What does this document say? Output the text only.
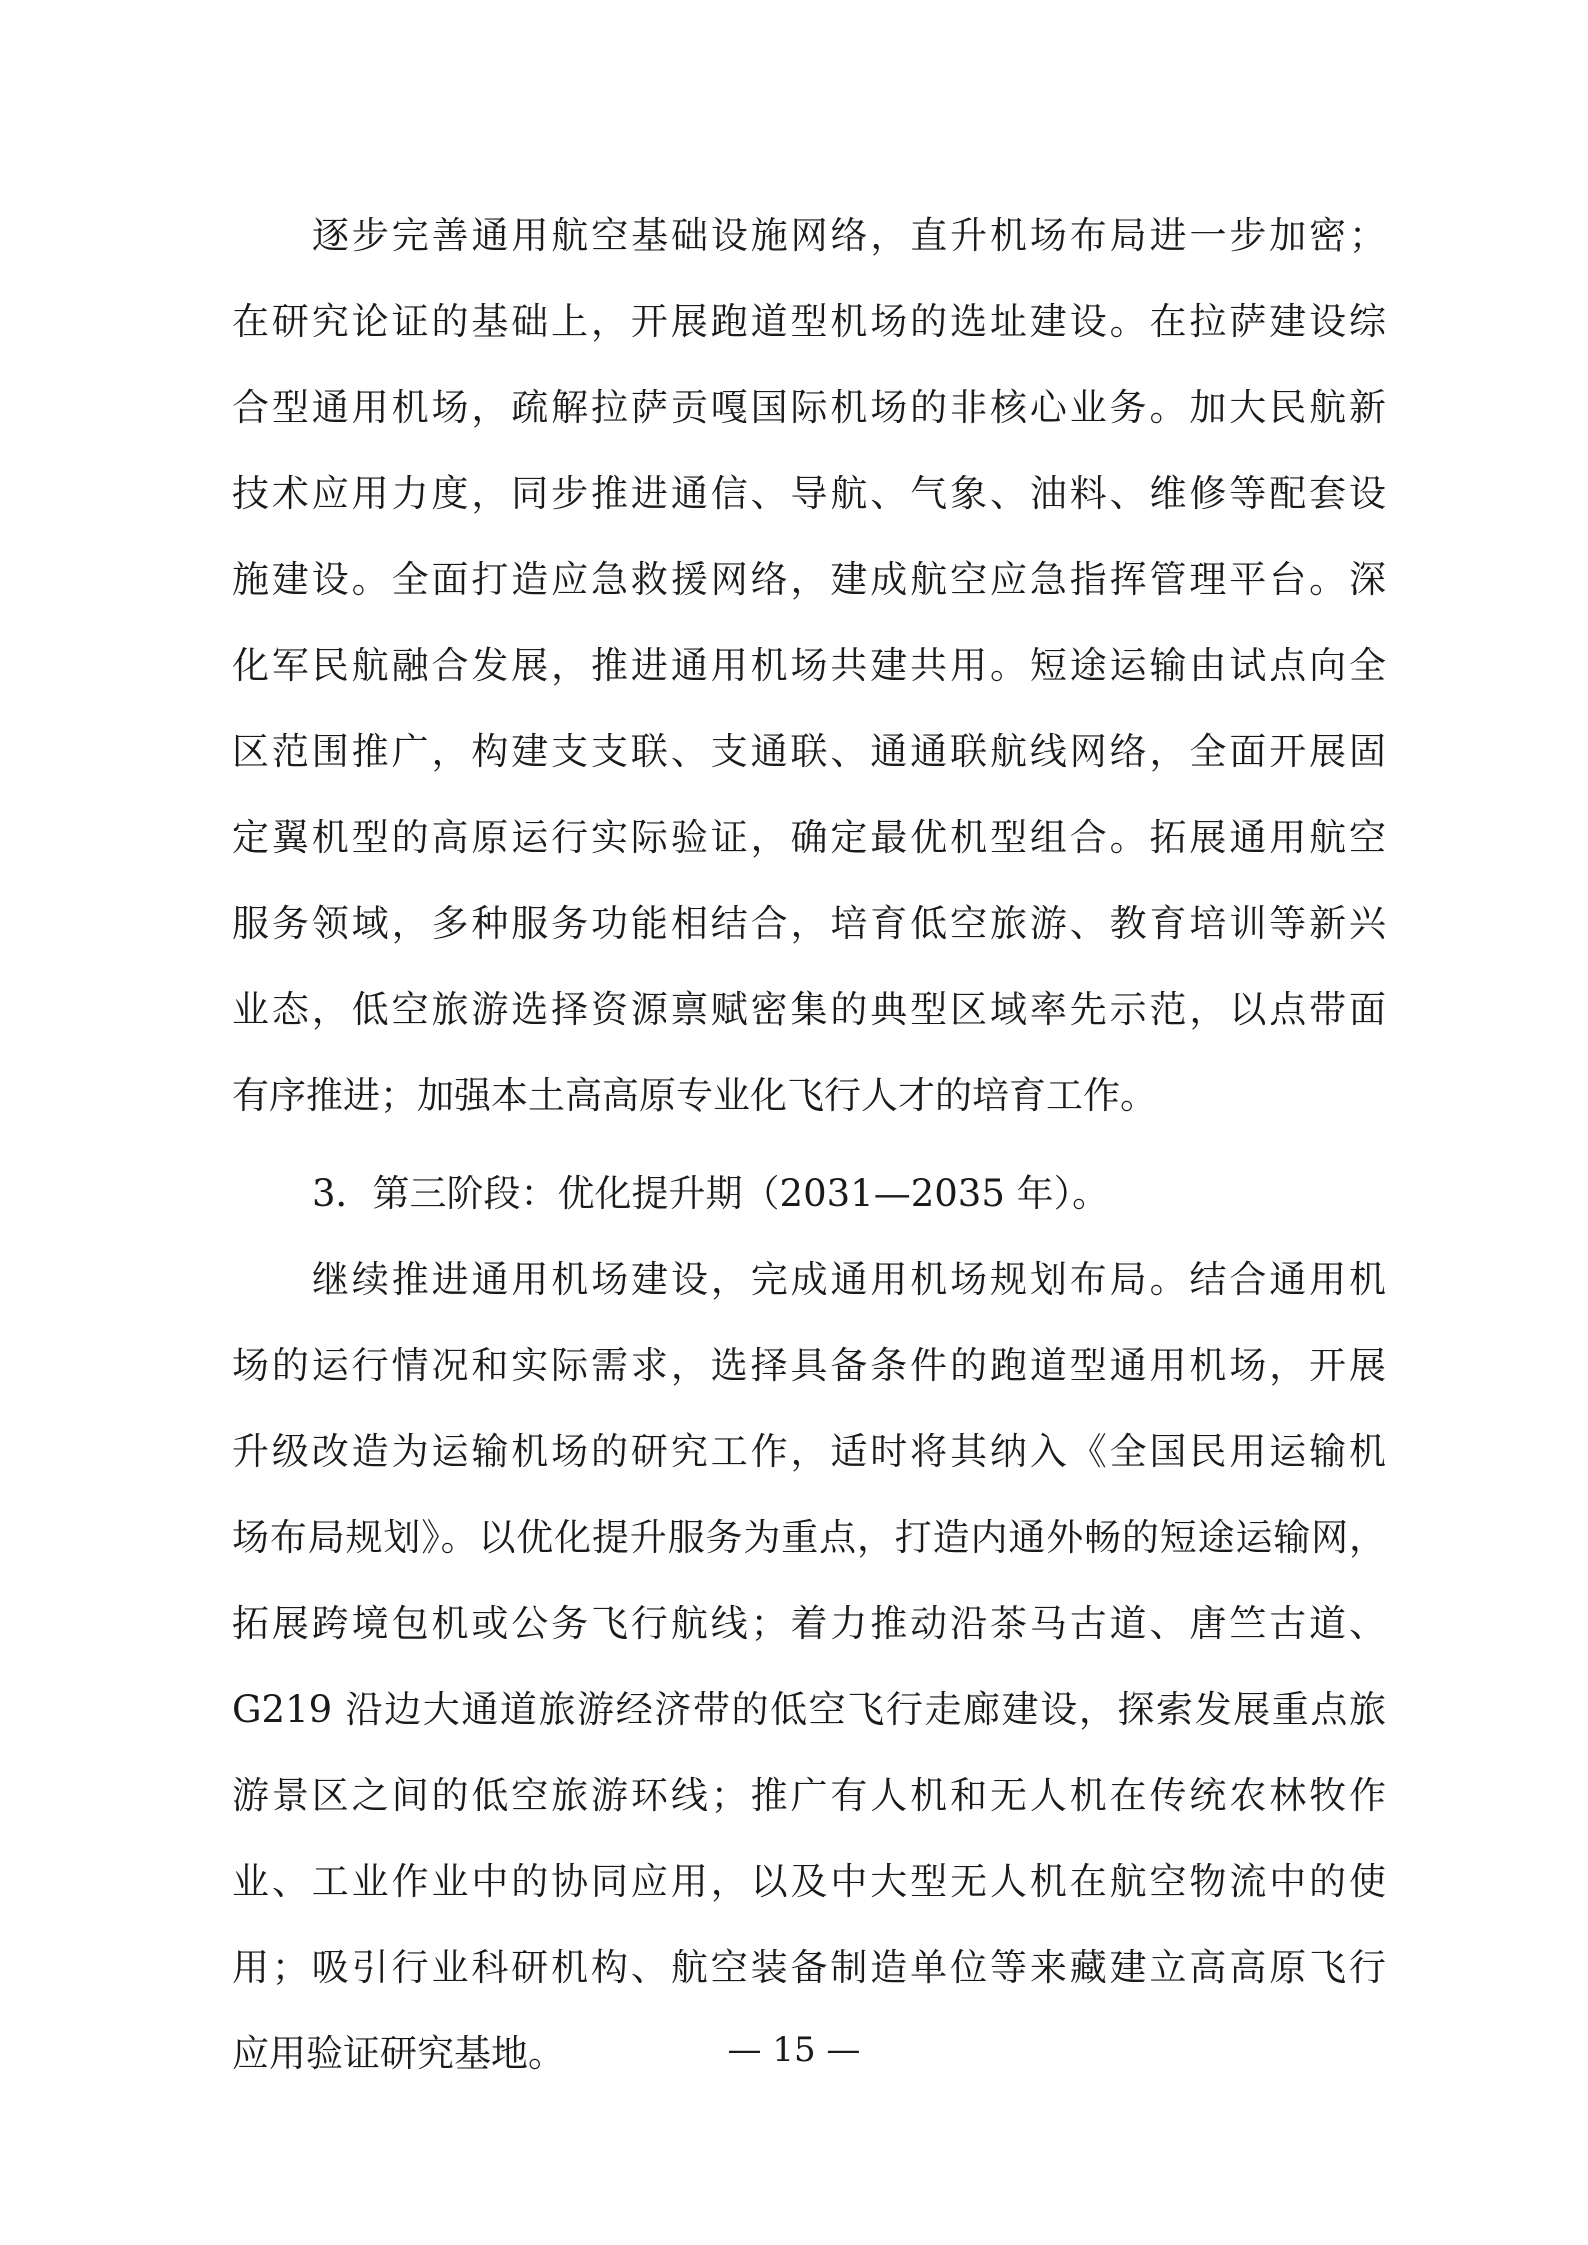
逐步完善通用航空基础设施网络，直升机场布局进一步加密；
在研究论证的基础上，开展跑道型机场的选址建设。在拉萨建设综
合型通用机场，疏解拉萨贡嘎国际机场的非核心业务。加大民航新
技术应用力度，同步推进通信、导航、气象、油料、维修等配套设
施建设。全面打造应急救援网络，建成航空应急指挥管理平台。深
化军民航融合发展，推进通用机场共建共用。短途运输由试点向全
区范围推广，构建支支联、支通联、通通联航线网络，全面开展固
定翼机型的高原运行实际验证，确定最优机型组合。拓展通用航空
服务领域，多种服务功能相结合，培育低空旅游、教育培训等新兴
业态，低空旅游选择资源禀赋密集的典型区域率先示范，以点带面
有序推进；加强本土高高原专业化飞行人才的培育工作。
3．第三阶段：优化提升期（2031—2035 年）。
继续推进通用机场建设，完成通用机场规划布局。结合通用机
场的运行情况和实际需求，选择具备条件的跑道型通用机场，开展
升级改造为运输机场的研究工作，适时将其纳入《全国民用运输机
场布局规划》。以优化提升服务为重点，打造内通外畅的短途运输网，
拓展跨境包机或公务飞行航线；着力推动沿茶马古道、唐竺古道、
G219 沿边大通道旅游经济带的低空飞行走廊建设，探索发展重点旅
游景区之间的低空旅游环线；推广有人机和无人机在传统农林牧作
业、工业作业中的协同应用，以及中大型无人机在航空物流中的使
用；吸引行业科研机构、航空装备制造单位等来藏建立高高原飞行
应用验证研究基地。	— 15 —
